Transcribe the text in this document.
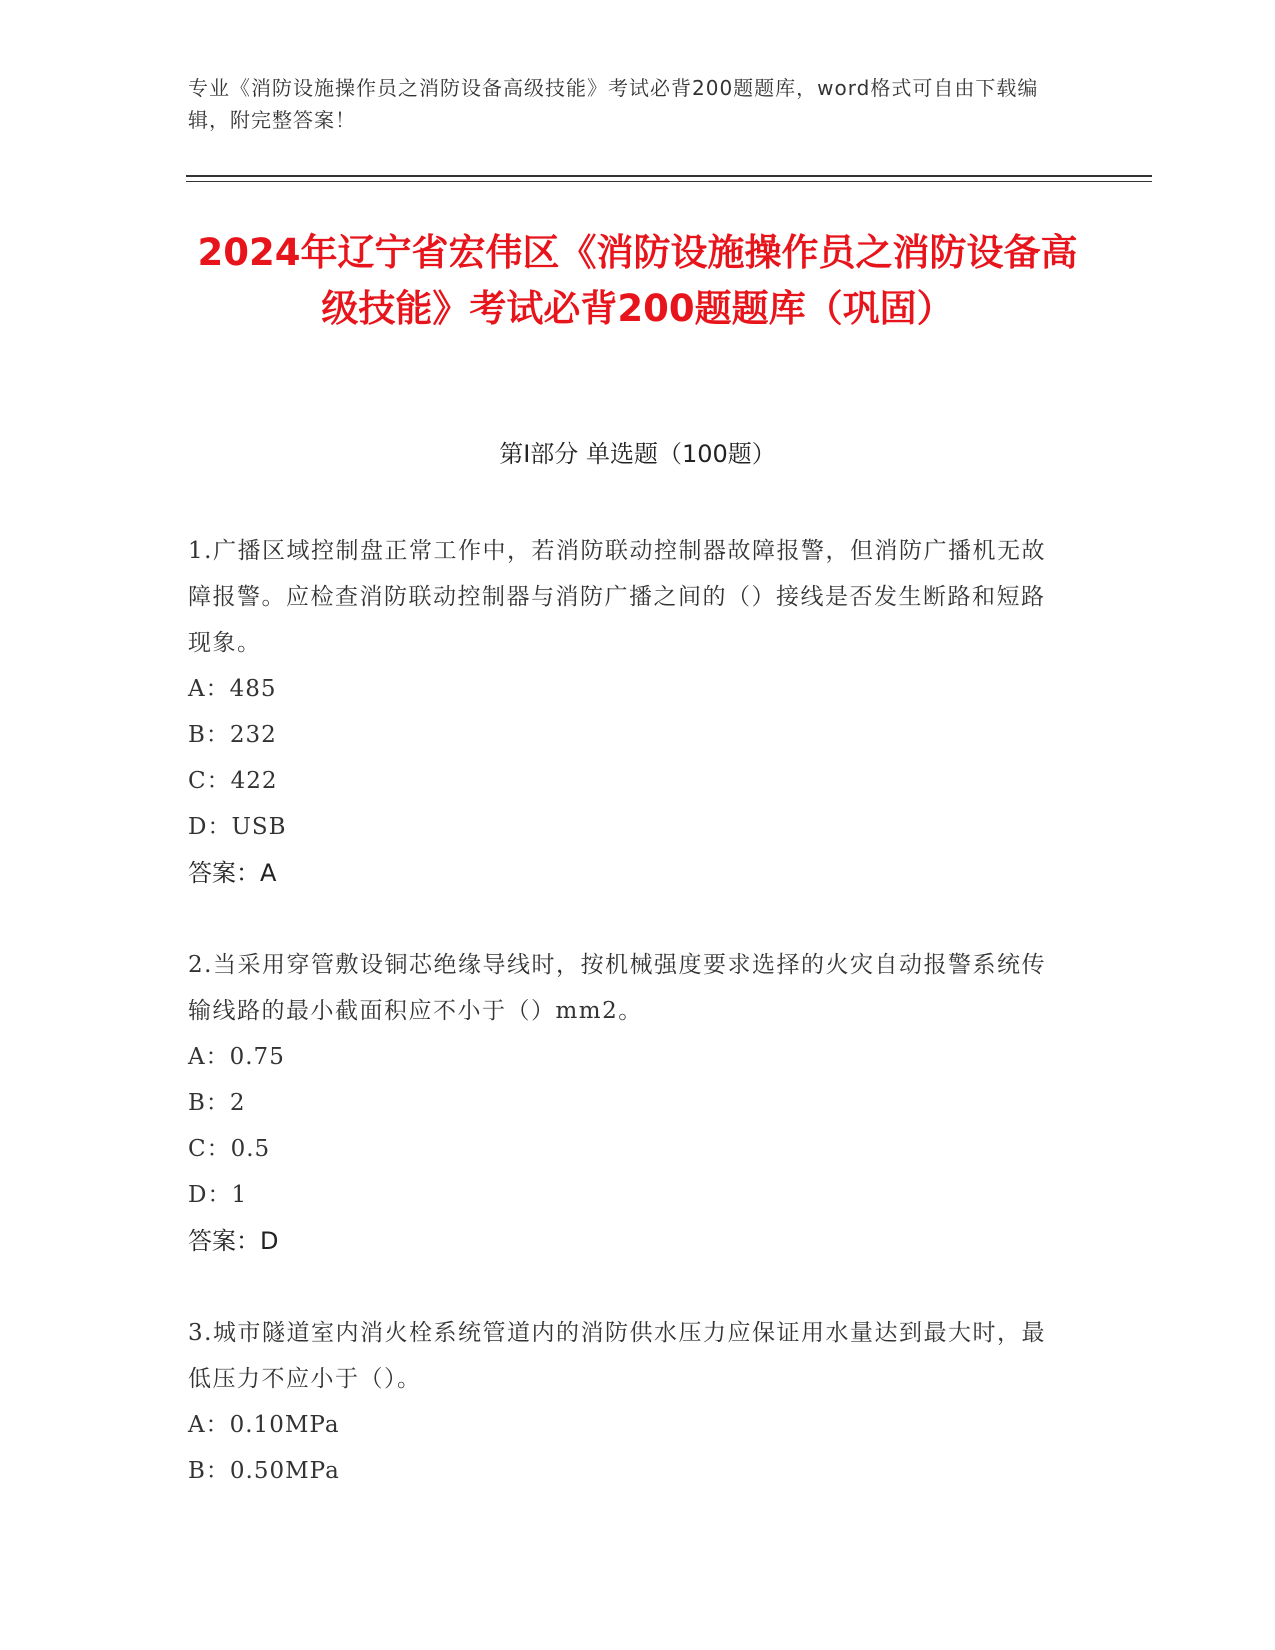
专业《消防设施操作员之消防设备高级技能》考试必背200题题库，word格式可自由下载编辑，附完整答案！
2024年辽宁省宏伟区《消防设施操作员之消防设备高级技能》考试必背200题题库（巩固）
第I部分 单选题（100题）
1.广播区域控制盘正常工作中，若消防联动控制器故障报警，但消防广播机无故障报警。应检查消防联动控制器与消防广播之间的（）接线是否发生断路和短路现象。
A：485
B：232
C：422
D：USB
答案：A
2.当采用穿管敷设铜芯绝缘导线时，按机械强度要求选择的火灾自动报警系统传输线路的最小截面积应不小于（）mm2。
A：0.75
B：2
C：0.5
D：1
答案：D
3.城市隧道室内消火栓系统管道内的消防供水压力应保证用水量达到最大时，最低压力不应小于（）。
A：0.10MPa
B：0.50MPa
